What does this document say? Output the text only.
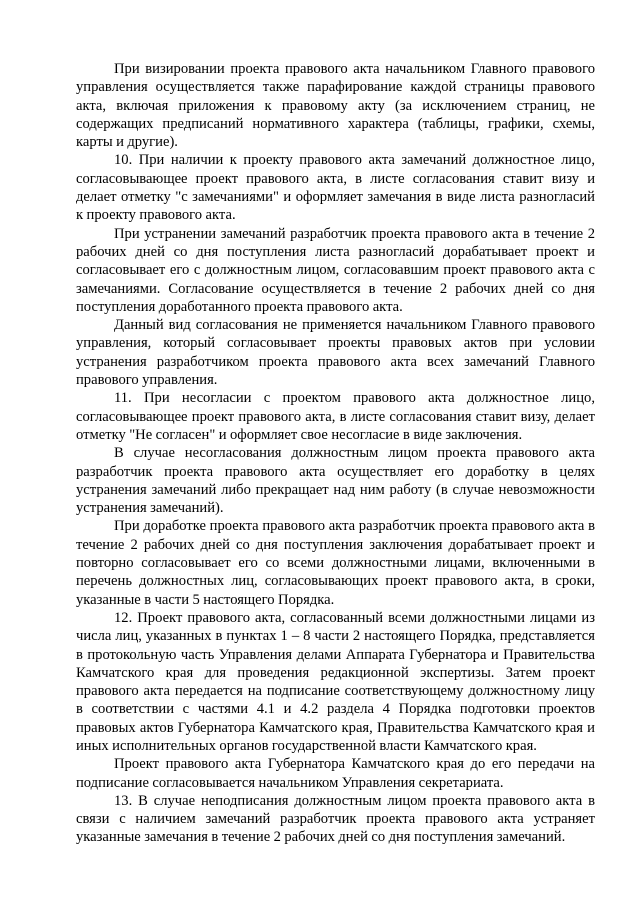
При визировании проекта правового акта начальником Главного правового управления осуществляется также парафирование каждой страницы правового акта, включая приложения к правовому акту (за исключением страниц, не содержащих предписаний нормативного характера (таблицы, графики, схемы, карты и другие).

10. При наличии к проекту правового акта замечаний должностное лицо, согласовывающее проект правового акта, в листе согласования ставит визу и делает отметку "с замечаниями" и оформляет замечания в виде листа разногласий к проекту правового акта.

При устранении замечаний разработчик проекта правового акта в течение 2 рабочих дней со дня поступления листа разногласий дорабатывает проект и согласовывает его с должностным лицом, согласовавшим проект правового акта с замечаниями. Согласование осуществляется в течение 2 рабочих дней со дня поступления доработанного проекта правового акта.

Данный вид согласования не применяется начальником Главного правового управления, который согласовывает проекты правовых актов при условии устранения разработчиком проекта правового акта всех замечаний Главного правового управления.

11. При несогласии с проектом правового акта должностное лицо, согласовывающее проект правового акта, в листе согласования ставит визу, делает отметку "Не согласен" и оформляет свое несогласие в виде заключения.

В случае несогласования должностным лицом проекта правового акта разработчик проекта правового акта осуществляет его доработку в целях устранения замечаний либо прекращает над ним работу (в случае невозможности устранения замечаний).

При доработке проекта правового акта разработчик проекта правового акта в течение 2 рабочих дней со дня поступления заключения дорабатывает проект и повторно согласовывает его со всеми должностными лицами, включенными в перечень должностных лиц, согласовывающих проект правового акта, в сроки, указанные в части 5 настоящего Порядка.

12. Проект правового акта, согласованный всеми должностными лицами из числа лиц, указанных в пунктах 1 – 8 части 2 настоящего Порядка, представляется в протокольную часть Управления делами Аппарата Губернатора и Правительства Камчатского края для проведения редакционной экспертизы. Затем проект правового акта передается на подписание соответствующему должностному лицу в соответствии с частями 4.1 и 4.2 раздела 4 Порядка подготовки проектов правовых актов Губернатора Камчатского края, Правительства Камчатского края и иных исполнительных органов государственной власти Камчатского края.

Проект правового акта Губернатора Камчатского края до его передачи на подписание согласовывается начальником Управления секретариата.

13. В случае неподписания должностным лицом проекта правового акта в связи с наличием замечаний разработчик проекта правового акта устраняет указанные замечания в течение 2 рабочих дней со дня поступления замечаний.
